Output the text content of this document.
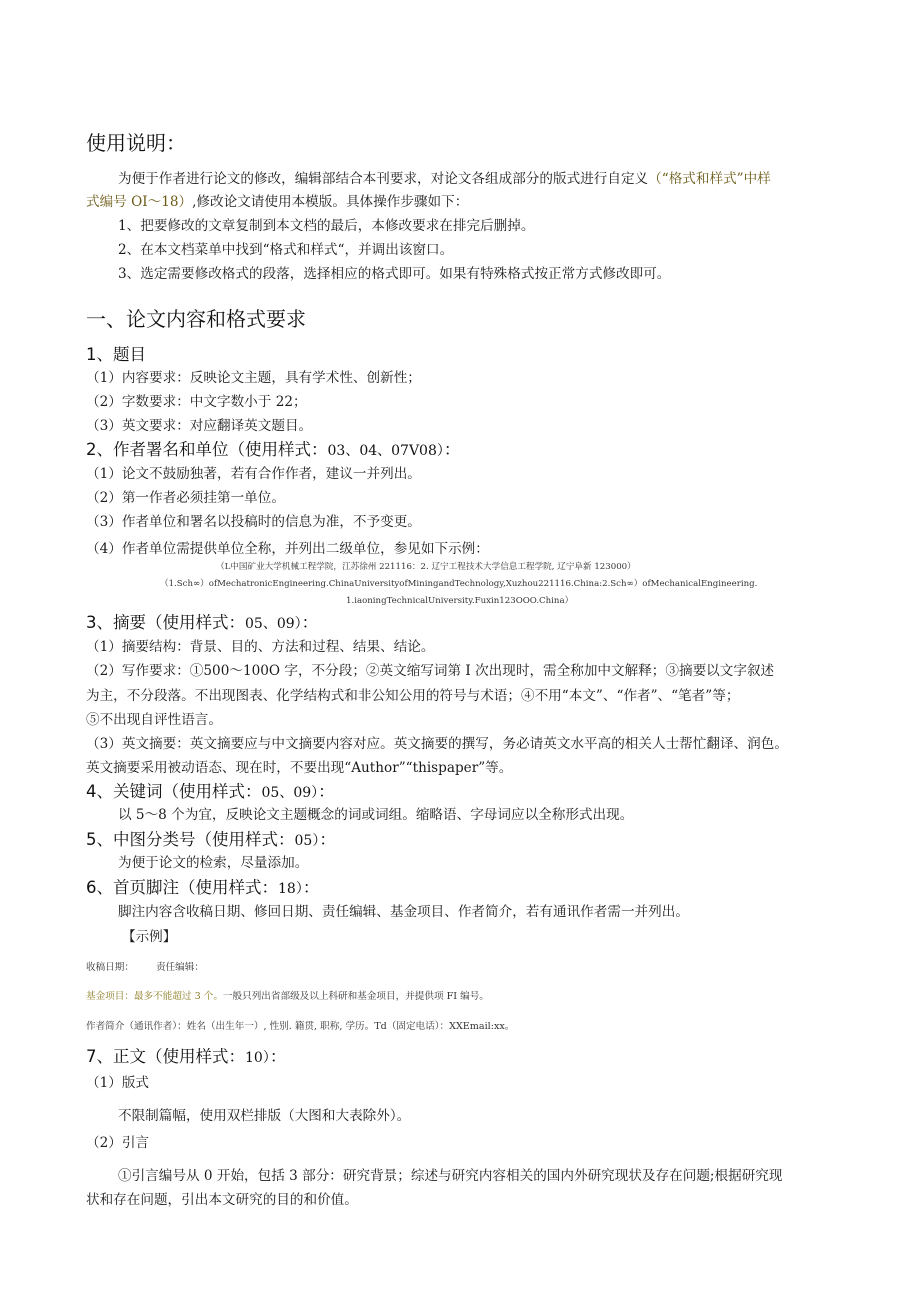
使用说明：
为便于作者进行论文的修改，编辑部结合本刊要求，对论文各组成部分的版式进行自定义（“格式和样式”中样
式编号 OI～18）,修改论文请使用本模版。具体操作步骤如下：
1、把要修改的文章复制到本文档的最后，本修改要求在排完后删掉。
2、在本文档菜单中找到“格式和样式“，并调出该窗口。
3、选定需要修改格式的段落，选择相应的格式即可。如果有特殊格式按正常方式修改即可。
一、论文内容和格式要求
1、题目
（1）内容要求：反映论文主题，具有学术性、创新性；
（2）字数要求：中文字数小于 22；
（3）英文要求：对应翻译英文题目。
2、作者署名和单位（使用样式：03、04、07V08）：
（1）论文不鼓励独著，若有合作作者，建议一并列出。
（2）第一作者必须挂第一单位。
（3）作者单位和署名以投稿时的信息为准，不予变更。
（4）作者单位需提供单位全称，并列出二级单位，参见如下示例：
（L中国矿业大学机械工程学院，江苏徐州 221116：2. 辽宁工程技术大学信息工程学院, 辽宁阜新 123000）
（1.Sch∞）ofMechatronicEngineering.ChinaUniversityofMiningandTechnology,Xuzhou221116.China:2.Sch∞）ofMechanicalEngineering.
1.iaoningTechnicalUniversity.Fuxin123OOO.China）
3、摘要（使用样式：05、09）：
（1）摘要结构：背景、目的、方法和过程、结果、结论。
（2）写作要求：①500～100O 字，不分段；②英文缩写词第 I 次出现时，需全称加中文解释；③摘要以文字叙述
为主，不分段落。不出现图表、化学结构式和非公知公用的符号与术语；④不用“本文”、“作者”、“笔者”等；
⑤不出现自评性语言。
（3）英文摘要：英文摘要应与中文摘要内容对应。英文摘要的撰写，务必请英文水平高的相关人士帮忙翻译、润色。
英文摘要采用被动语态、现在时，不要出现“Author”“thispaper”等。
4、关键词（使用样式：05、09）：
以 5～8 个为宜，反映论文主题概念的词或词组。缩略语、字母词应以全称形式出现。
5、中图分类号（使用样式：05）：
为便于论文的检索，尽量添加。
6、首页脚注（使用样式：18）：
脚注内容含收稿日期、修回日期、责任编辑、基金项目、作者简介，若有通讯作者需一并列出。
【示例】
收稿日期： 责任编辑：
基金项目：最多不能超过 3 个。一般只列出省部级及以上科研和基金项目，并提供项 FI 编号。
作者简介（通讯作者）：姓名（出生年一）, 性别. 籍贯, 职称, 学历。Td（固定电话）：XXEmail:xx。
7、正文（使用样式：10）：
（1）版式
不限制篇幅，使用双栏排版（大图和大表除外）。
（2）引言
①引言编号从 0 开始，包括 3 部分：研究背景；综述与研究内容相关的国内外研究现状及存在问题;根据研究现
状和存在问题，引出本文研究的目的和价值。
